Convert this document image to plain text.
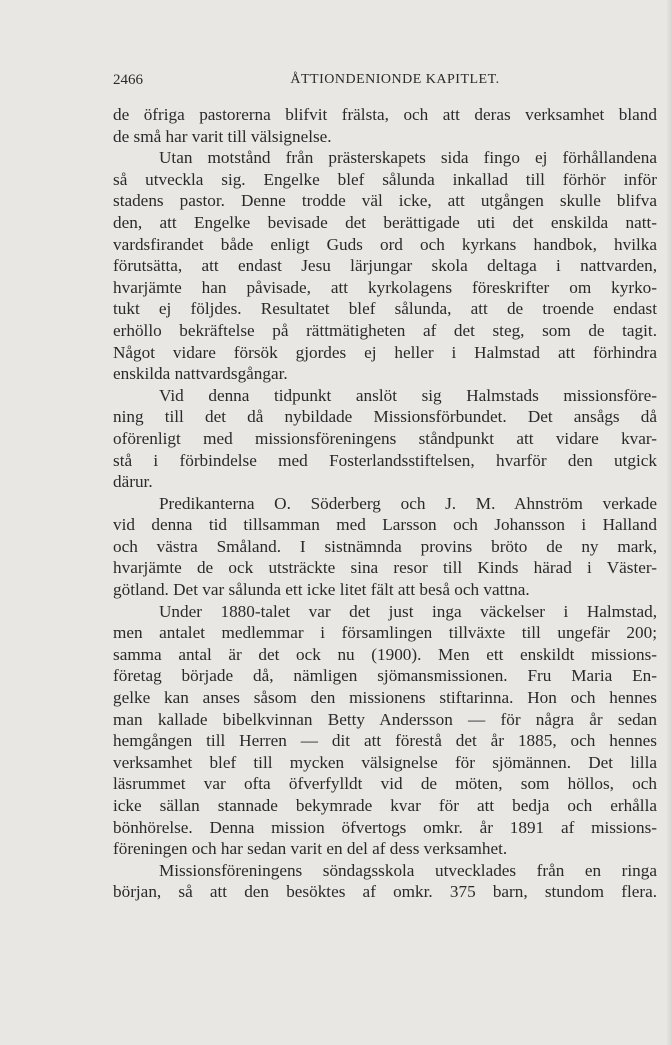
2466	ÅTTIONDENIONDE KAPITLET.
de öfriga pastorerna blifvit frälsta, och att deras verksamhet bland
de små har varit till välsignelse.
Utan motstånd från prästerskapets sida fingo ej förhållandena
så utveckla sig. Engelke blef sålunda inkallad till förhör inför
stadens pastor. Denne trodde väl icke, att utgången skulle blifva
den, att Engelke bevisade det berättigade uti det enskilda natt-
vardsfirandet både enligt Guds ord och kyrkans handbok, hvilka
förutsätta, att endast Jesu lärjungar skola deltaga i nattvarden,
hvarjämte han påvisade, att kyrkolagens föreskrifter om kyrko-
tukt ej följdes. Resultatet blef sålunda, att de troende endast
erhöllo bekräftelse på rättmätigheten af det steg, som de tagit.
Något vidare försök gjordes ej heller i Halmstad att förhindra
enskilda nattvardsgångar.
Vid denna tidpunkt anslöt sig Halmstads missionsföre-
ning till det då nybildade Missionsförbundet. Det ansågs då
oförenligt med missionsföreningens ståndpunkt att vidare kvar-
stå i förbindelse med Fosterlandsstiftelsen, hvarför den utgick
därur.
Predikanterna O. Söderberg och J. M. Ahnström verkade
vid denna tid tillsamman med Larsson och Johansson i Halland
och västra Småland. I sistnämnda provins bröto de ny mark,
hvarjämte de ock utsträckte sina resor till Kinds härad i Väster-
götland. Det var sålunda ett icke litet fält att beså och vattna.
Under 1880-talet var det just inga väckelser i Halmstad,
men antalet medlemmar i församlingen tillväxte till ungefär 200;
samma antal är det ock nu (1900). Men ett enskildt missions-
företag började då, nämligen sjömansmissionen. Fru Maria En-
gelke kan anses såsom den missionens stiftarinna. Hon och hennes
man kallade bibelkvinnan Betty Andersson — för några år sedan
hemgången till Herren — dit att förestå det år 1885, och hennes
verksamhet blef till mycken välsignelse för sjömännen. Det lilla
läsrummet var ofta öfverfylldt vid de möten, som höllos, och
icke sällan stannade bekymrade kvar för att bedja och erhålla
bönhörelse. Denna mission öfvertogs omkr. år 1891 af missions-
föreningen och har sedan varit en del af dess verksamhet.
Missionsföreningens söndagsskola utvecklades från en ringa
början, så att den besöktes af omkr. 375 barn, stundom flera.
